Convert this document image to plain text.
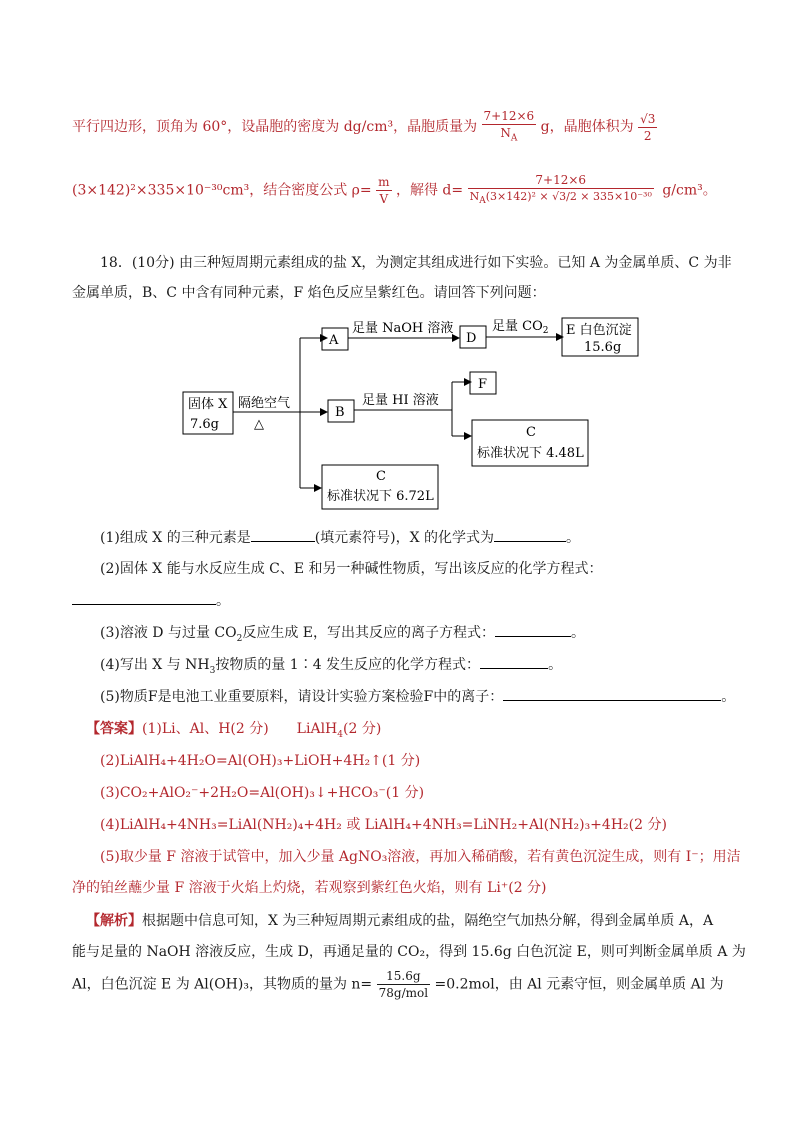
平行四边形，顶角为 60°，设晶胞的密度为 dg/cm³，晶胞质量为 $\frac{7+12\times 6}{N_A}$ g，晶胞体积为 $\frac{√3}{2}$
(3×142)²×335×10⁻³⁰cm³，结合密度公式 $\rho= \frac{m}{V}$ ，解得 $d= \frac{7+12\times 6}{N_A(3\times 142)^2 \times √3/2 \times 335\times 10^{-30}} g/cm^3$。
18．(10分) 由三种短周期元素组成的盐 X，为测定其组成进行如下实验。已知 A 为金属单质、C 为非
金属单质，B、C 中含有同种元素，F 焰色反应呈紫红色。请回答下列问题：
固体 X
7.6g
隔绝空气
△
A
足量 NaOH 溶液
D
足量 $CO_2$ E 白色沉淀
15.6g
B
足量 HI 溶液
F
C
标准状况下 4.48L
C
标准状况下 6.72L
(1)组成 X 的三种元素是	(填元素符号)，X 的化学式为	。
(2)固体 X 能与水反应生成 C、E 和另一种碱性物质，写出该反应的化学方程式：
。
(3)溶液 D 与过量 $CO_2$反应生成 E，写出其反应的离子方程式：	。
(4)写出 X 与 $NH_3$按物质的量 1∶4 发生反应的化学方程式：	。
(5)物质F是电池工业重要原料，请设计实验方案检验F中的离子：	。
【答案】(1)Li、Al、H(2 分)　　LiAlH$_4$(2 分)
(2)LiAlH₄+4H₂O=Al(OH)₃+LiOH+4H₂↑(1 分)
(3)CO₂+AlO₂⁻+2H₂O=Al(OH)₃↓+HCO₃⁻(1 分)
(4)LiAlH₄+4NH₃=LiAl(NH₂)₄+4H₂ 或 LiAlH₄+4NH₃=LiNH₂+Al(NH₂)₃+4H₂(2 分)
(5)取少量 F 溶液于试管中，加入少量 AgNO₃溶液，再加入稀硝酸，若有黄色沉淀生成，则有 I⁻；用洁
净的铂丝蘸少量 F 溶液于火焰上灼烧，若观察到紫红色火焰，则有 Li⁺(2 分)
【解析】根据题中信息可知，X 为三种短周期元素组成的盐，隔绝空气加热分解，得到金属单质 A，A
能与足量的 NaOH 溶液反应，生成 D，再通足量的 CO₂，得到 15.6g 白色沉淀 E，则可判断金属单质 A 为
Al，白色沉淀 E 为 Al(OH)₃，其物质的量为 $n= \frac{15.6g}{\text{78g/mol}} =0.2mol$，由 Al 元素守恒，则金属单质 Al 为
